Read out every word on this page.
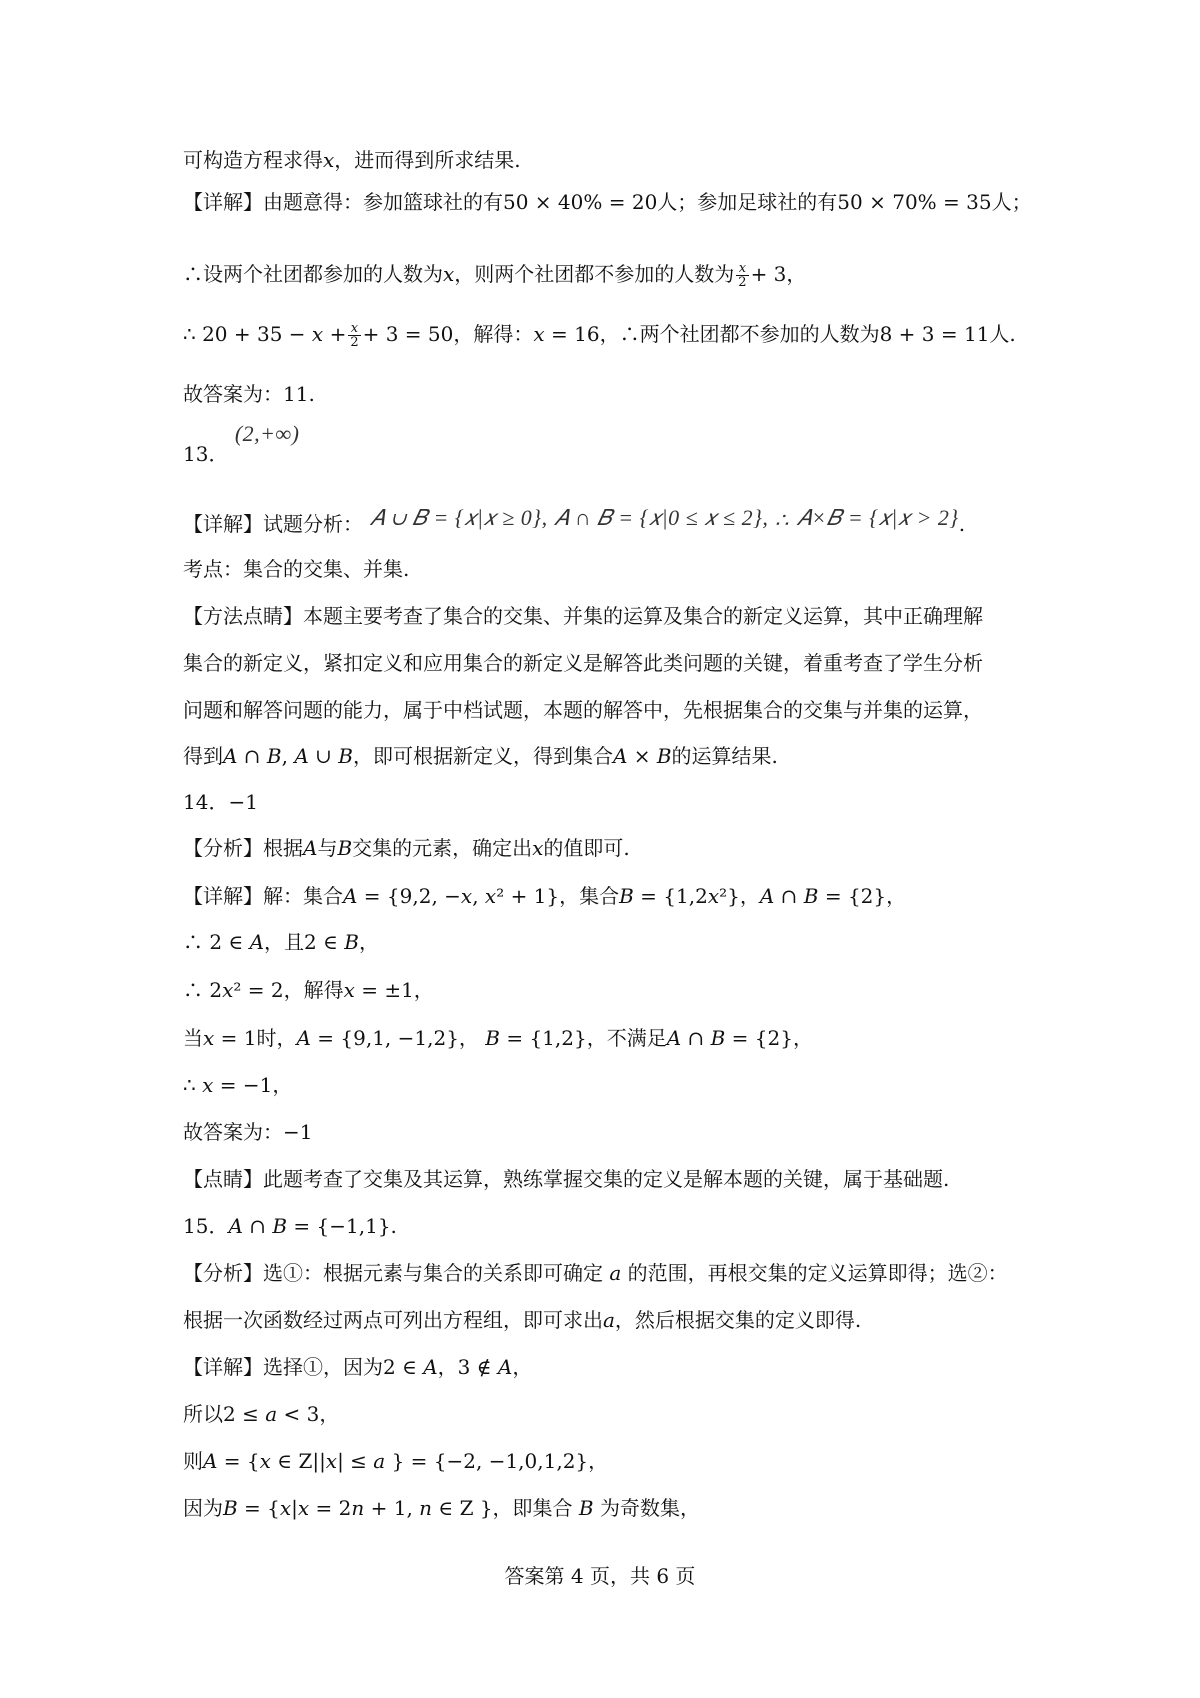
可构造方程求得𝑥，进而得到所求结果.
【详解】由题意得：参加篮球社的有50 × 40% = 20人；参加足球社的有50 × 70% = 35人；
∴设两个社团都参加的人数为𝑥，则两个社团都不参加的人数为 $\frac{\text{𝑥}}{2} + 3$，
∴ 20 + 35 − 𝑥 + $\frac{\text{𝑥}}{2} + 3 = 50$，解得：𝑥 = 16，∴两个社团都不参加的人数为8 + 3 = 11人.
故答案为：11.
13． (2,+∞)
【详解】试题分析： 𝐴 ∪ 𝐵 = {𝑥|𝑥 ≥ 0}, 𝐴 ∩ 𝐵 = {𝑥|0 ≤ 𝑥 ≤ 2}, ∴ 𝐴×𝐵 = {𝑥|𝑥 > 2}.
考点：集合的交集、并集.
【方法点睛】本题主要考查了集合的交集、并集的运算及集合的新定义运算，其中正确理解
集合的新定义，紧扣定义和应用集合的新定义是解答此类问题的关键，着重考查了学生分析
问题和解答问题的能力，属于中档试题，本题的解答中，先根据集合的交集与并集的运算，
得到𝐴 ∩ 𝐵, 𝐴 ∪ 𝐵，即可根据新定义，得到集合𝐴 × 𝐵的运算结果.
14．−1
【分析】根据𝐴与𝐵交集的元素，确定出𝑥的值即可.
【详解】解：集合𝐴 = {9,2, −𝑥, 𝑥² + 1}，集合𝐵 = {1,2𝑥²}，𝐴 ∩ 𝐵 = {2}，
∴ 2 ∈ 𝐴，且2 ∈ 𝐵，
∴ 2𝑥² = 2，解得𝑥 = ±1，
当𝑥 = 1时，𝐴 = {9,1, −1,2}， 𝐵 = {1,2}，不满足𝐴 ∩ 𝐵 = {2}，
∴ 𝑥 = −1，
故答案为：−1
【点睛】此题考查了交集及其运算，熟练掌握交集的定义是解本题的关键，属于基础题.
15．𝐴 ∩ 𝐵 = {−1,1}.
【分析】选①：根据元素与集合的关系即可确定 𝑎 的范围，再根交集的定义运算即得；选②：
根据一次函数经过两点可列出方程组，即可求出𝑎，然后根据交集的定义即得.
【详解】选择①，因为2 ∈ 𝐴，3 ∉ 𝐴，
所以2 ≤ 𝑎 < 3，
则𝐴 = {𝑥 ∈ Z||𝑥| ≤ 𝑎 } = {−2, −1,0,1,2}，
因为𝐵 = {𝑥|𝑥 = 2𝑛 + 1, 𝑛 ∈ Z }，即集合 𝐵 为奇数集，
答案第 4 页，共 6 页
